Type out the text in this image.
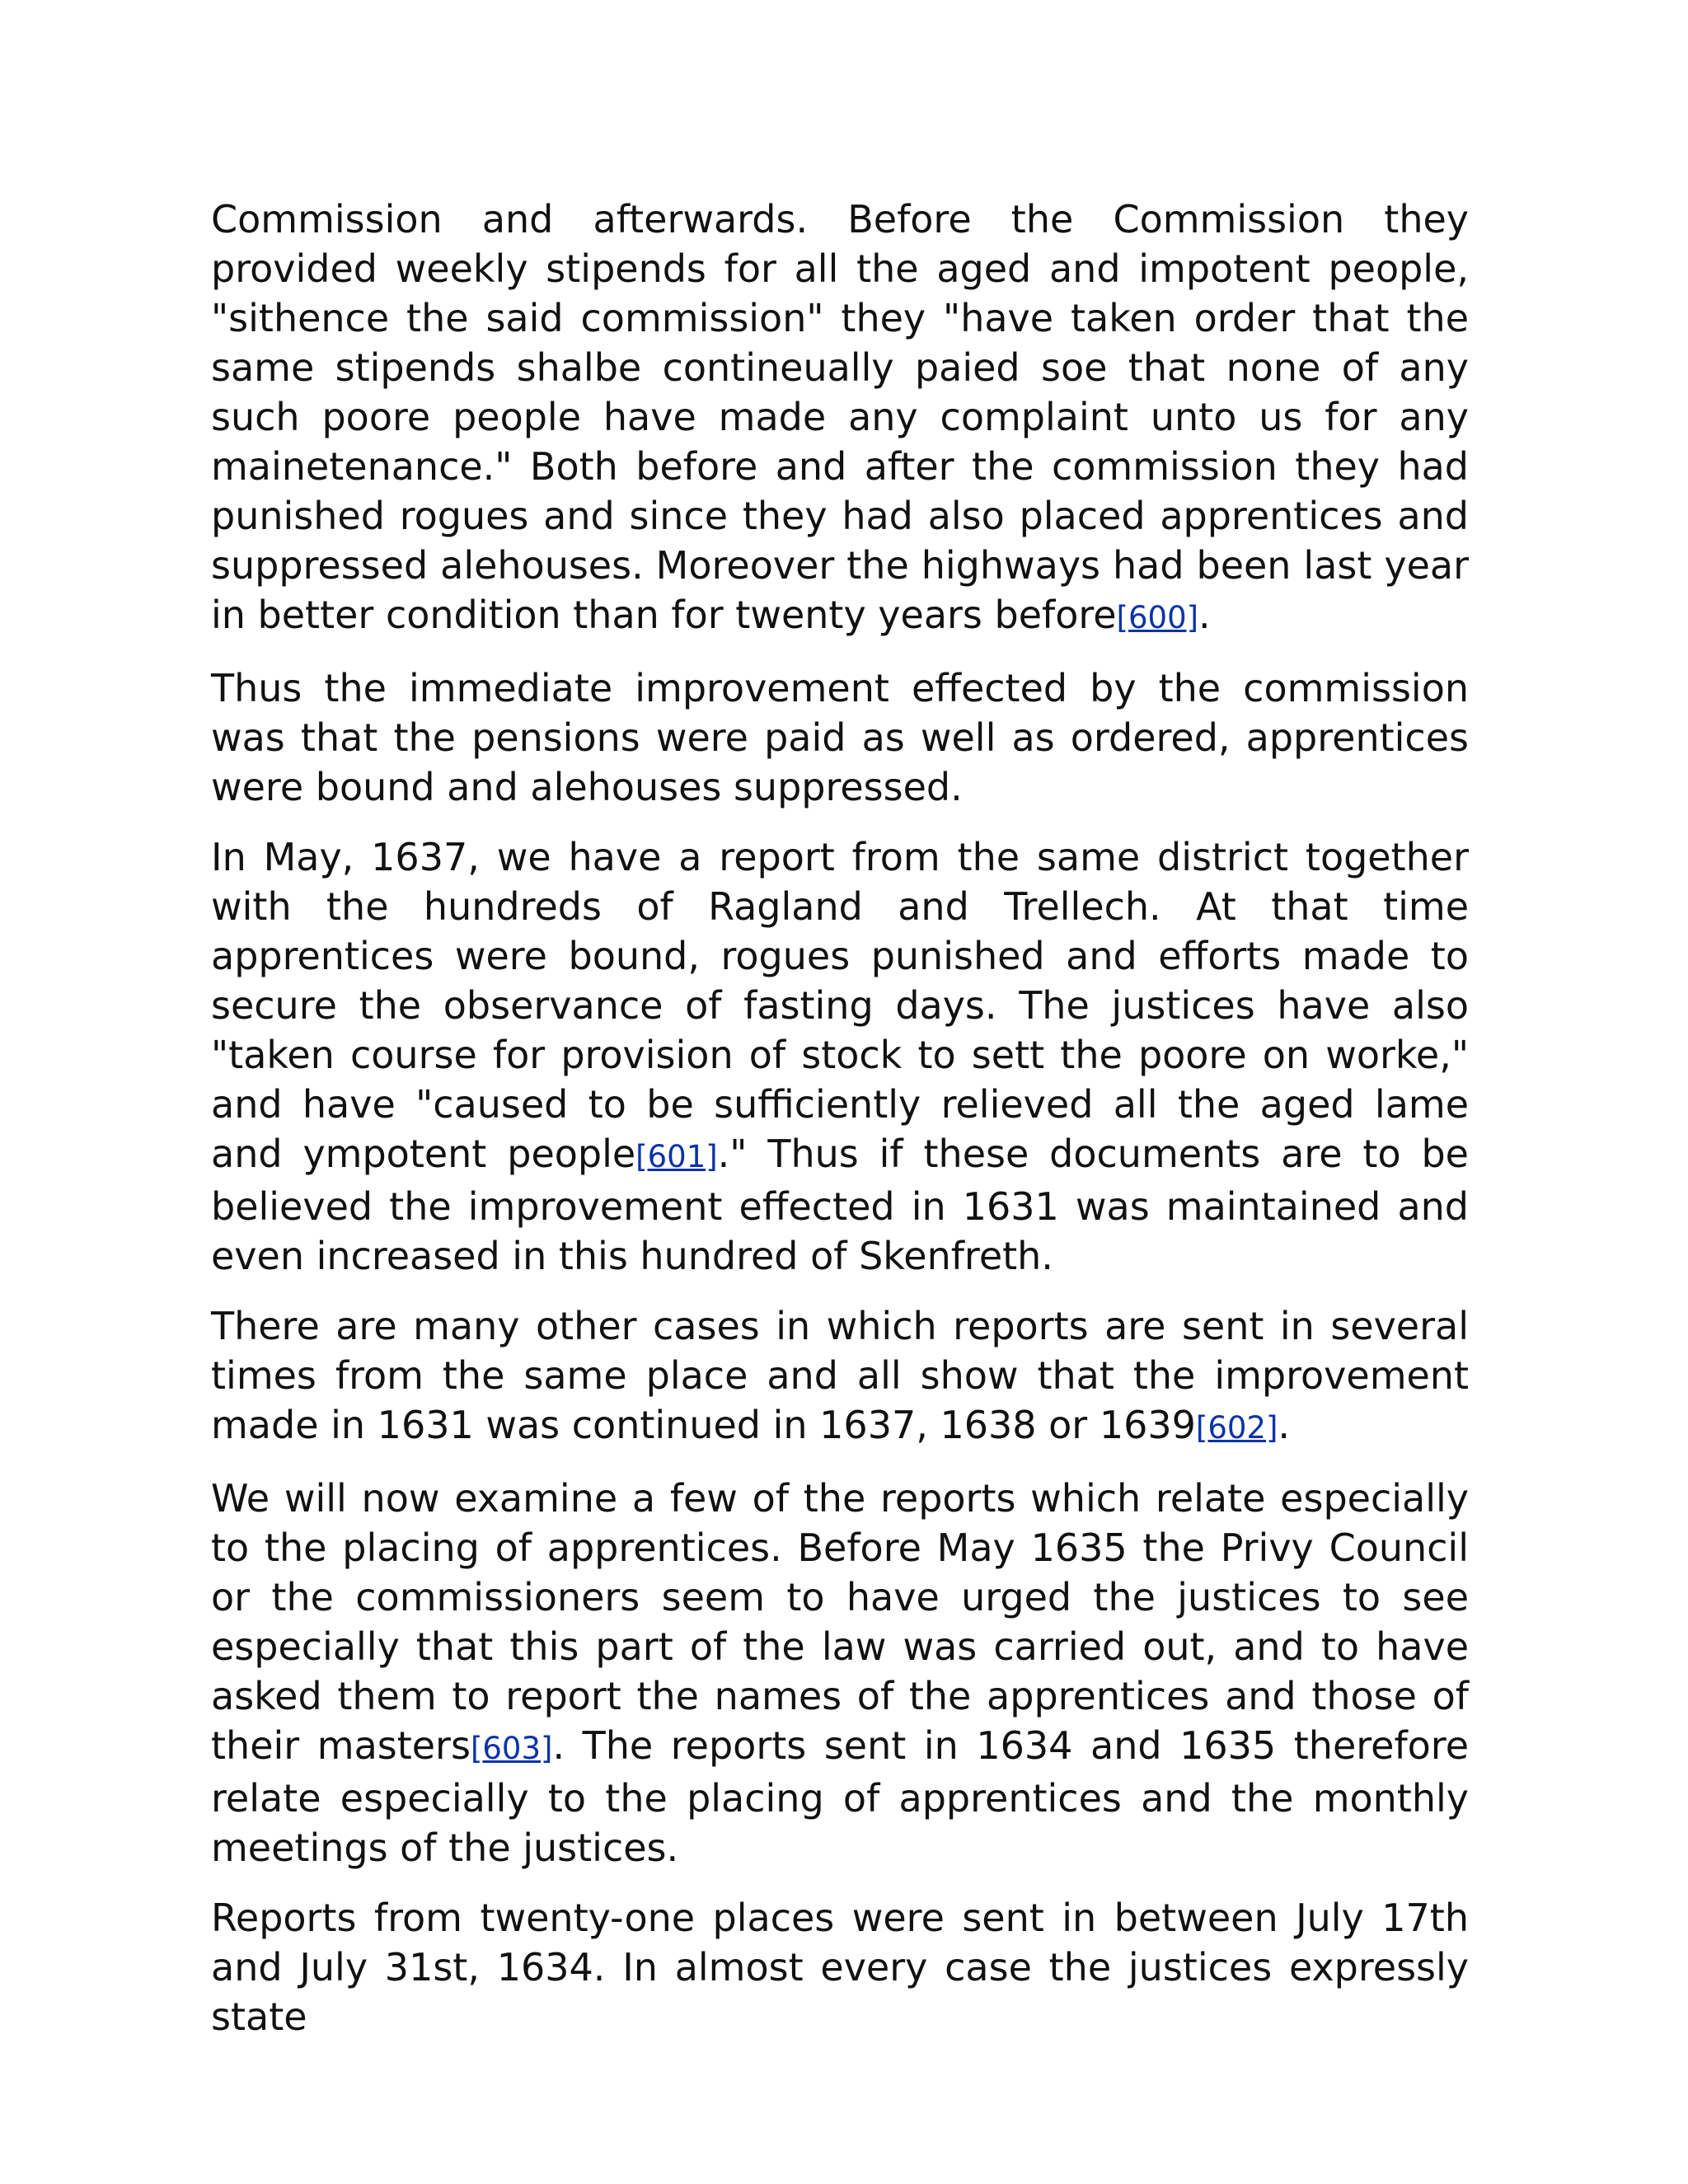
Commission and afterwards. Before the Commission they provided weekly stipends for all the aged and impotent people, "sithence the said commission" they "have taken order that the same stipends shalbe contineually paied soe that none of any such poore people have made any complaint unto us for any mainetenance." Both before and after the commission they had punished rogues and since they had also placed apprentices and suppressed alehouses. Moreover the highways had been last year in better condition than for twenty years before[600].

Thus the immediate improvement effected by the commission was that the pensions were paid as well as ordered, apprentices were bound and alehouses suppressed.

In May, 1637, we have a report from the same district together with the hundreds of Ragland and Trellech. At that time apprentices were bound, rogues punished and efforts made to secure the observance of fasting days. The justices have also "taken course for provision of stock to sett the poore on worke," and have "caused to be sufficiently relieved all the aged lame and ympotent people[601]." Thus if these documents are to be believed the improvement effected in 1631 was maintained and even increased in this hundred of Skenfreth.

There are many other cases in which reports are sent in several times from the same place and all show that the improvement made in 1631 was continued in 1637, 1638 or 1639[602].

We will now examine a few of the reports which relate especially to the placing of apprentices. Before May 1635 the Privy Council or the commissioners seem to have urged the justices to see especially that this part of the law was carried out, and to have asked them to report the names of the apprentices and those of their masters[603]. The reports sent in 1634 and 1635 therefore relate especially to the placing of apprentices and the monthly meetings of the justices.

Reports from twenty-one places were sent in between July 17th and July 31st, 1634. In almost every case the justices expressly state
